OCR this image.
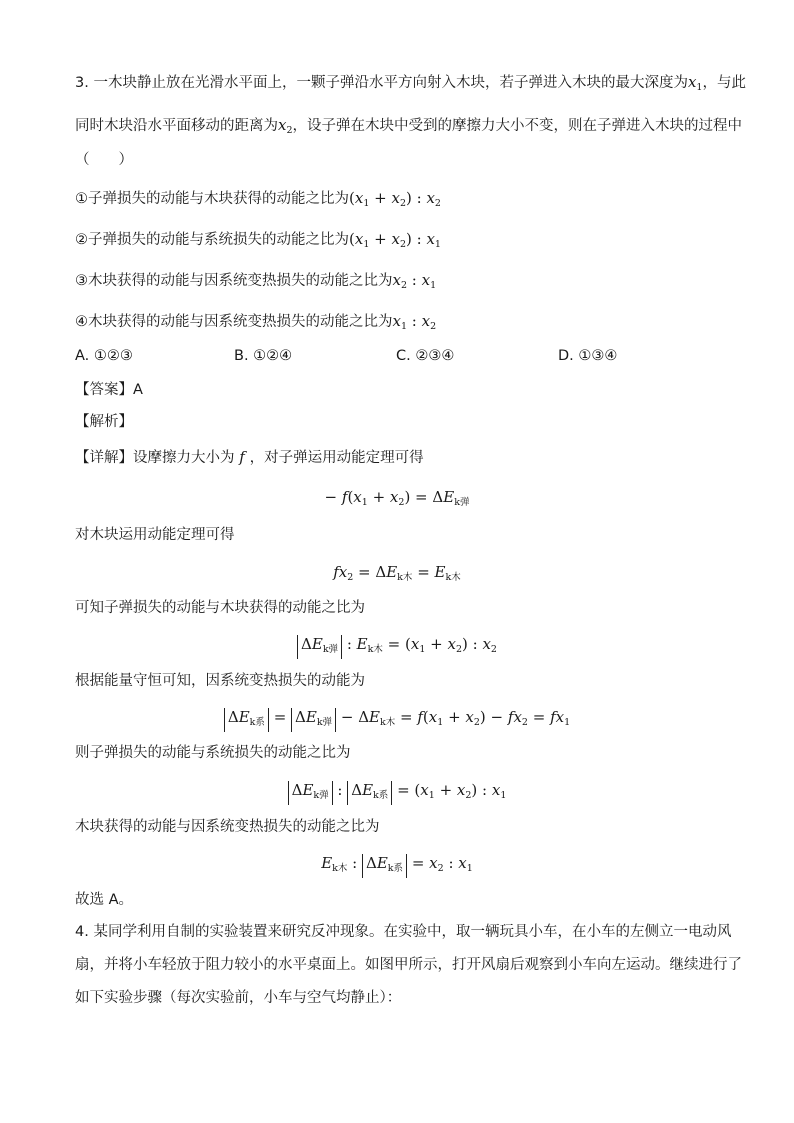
3. 一木块静止放在光滑水平面上，一颗子弹沿水平方向射入木块，若子弹进入木块的最大深度为$x_1$，与此
同时木块沿水平面移动的距离为$x_2$，设子弹在木块中受到的摩擦力大小不变，则在子弹进入木块的过程中
（　　）
①子弹损失的动能与木块获得的动能之比为$(x_1 + x_2)$ : $x_2$
②子弹损失的动能与系统损失的动能之比为$(x_1 + x_2)$ : $x_1$
③木块获得的动能与因系统变热损失的动能之比为$x_2$ : $x_1$
④木块获得的动能与因系统变热损失的动能之比为$x_1$ : $x_2$
A. ①②③	B. ①②④	C. ②③④	D. ①③④
【答案】A
【解析】
【详解】设摩擦力大小为 f ，对子弹运用动能定理可得
− $f(x_1 + x_2) = \Delta E_{k弹}$
对木块运用动能定理可得
$fx_2 = \Delta E_{k木} = E_{k木}$
可知子弹损失的动能与木块获得的动能之比为
$\Delta E_{k弹}$ : $E_{k木} = (x_1 + x_2)$ : $x_2$
根据能量守恒可知，因系统变热损失的动能为
$\Delta E_{k系} = \Delta E_{k弹} - \Delta E_{k木} = f(x_1 + x_2) - fx_2 = fx_1$
则子弹损失的动能与系统损失的动能之比为
$\Delta E_{k弹}$ : $\Delta E_{k系} = (x_1 + x_2)$ : $x_1$
木块获得的动能与因系统变热损失的动能之比为
$E_{k木}$ : $\Delta E_{k系} = x_2$ : $x_1$
故选 A。
4. 某同学利用自制的实验装置来研究反冲现象。在实验中，取一辆玩具小车，在小车的左侧立一电动风
扇，并将小车轻放于阻力较小的水平桌面上。如图甲所示，打开风扇后观察到小车向左运动。继续进行了
如下实验步骤（每次实验前，小车与空气均静止）：
